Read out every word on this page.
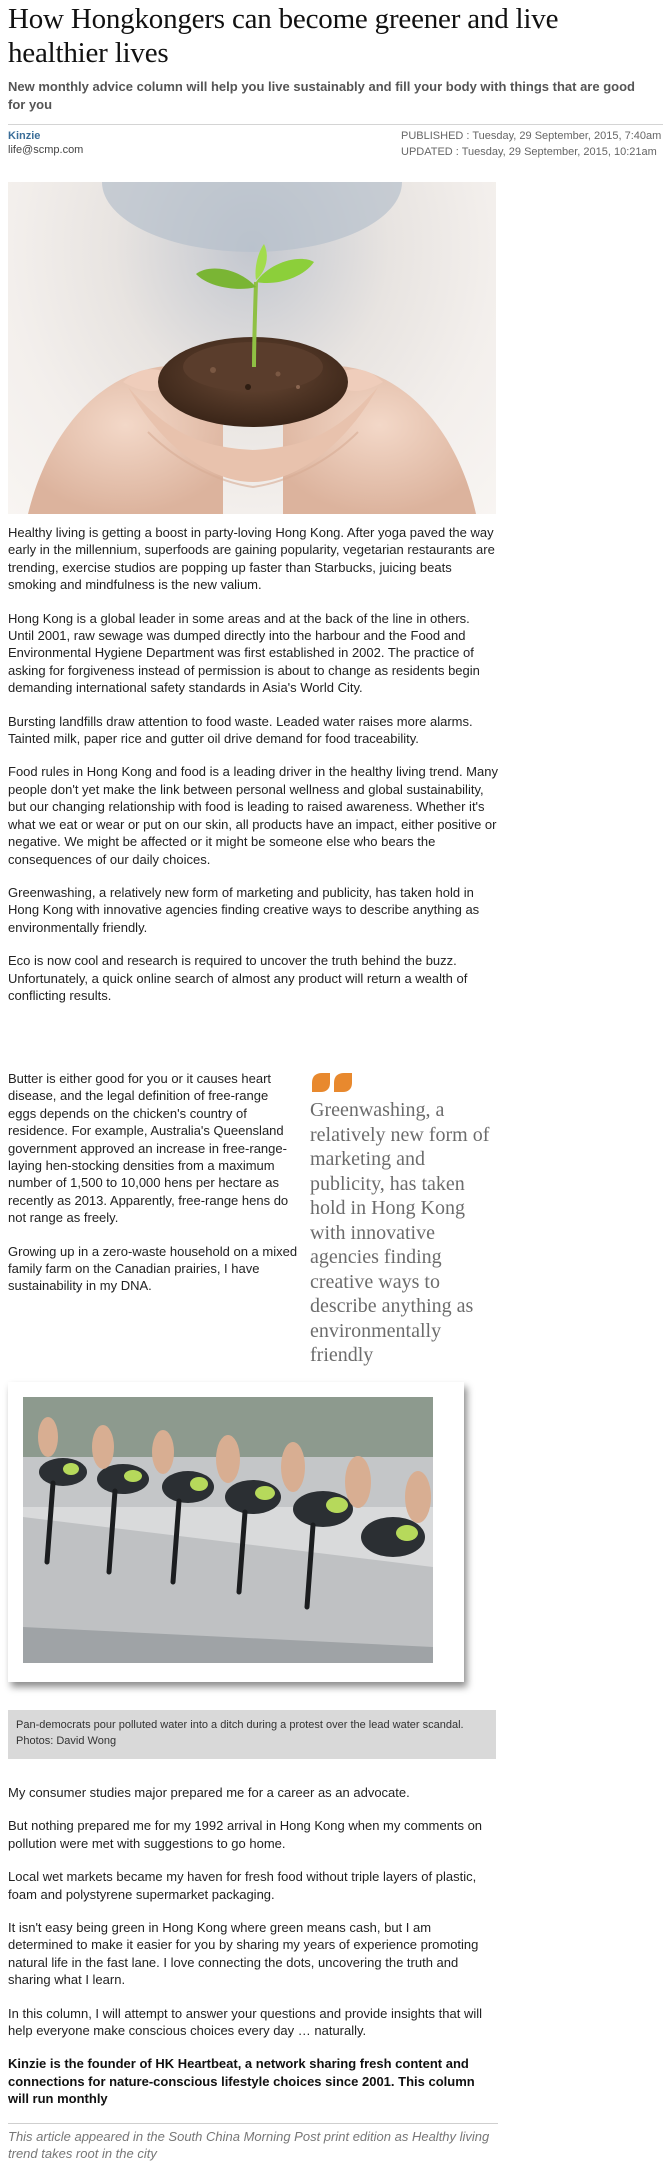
How Hongkongers can become greener and live healthier lives
New monthly advice column will help you live sustainably and fill your body with things that are good for you
Kinzie
life@scmp.com
PUBLISHED : Tuesday, 29 September, 2015, 7:40am
UPDATED : Tuesday, 29 September, 2015, 10:21am

Healthy living is getting a boost in party-loving Hong Kong. After yoga paved the way early in the millennium, superfoods are gaining popularity, vegetarian restaurants are trending, exercise studios are popping up faster than Starbucks, juicing beats smoking and mindfulness is the new valium.

Hong Kong is a global leader in some areas and at the back of the line in others. Until 2001, raw sewage was dumped directly into the harbour and the Food and Environmental Hygiene Department was first established in 2002. The practice of asking for forgiveness instead of permission is about to change as residents begin demanding international safety standards in Asia's World City.

Bursting landfills draw attention to food waste. Leaded water raises more alarms. Tainted milk, paper rice and gutter oil drive demand for food traceability.

Food rules in Hong Kong and food is a leading driver in the healthy living trend. Many people don't yet make the link between personal wellness and global sustainability, but our changing relationship with food is leading to raised awareness. Whether it's what we eat or wear or put on our skin, all products have an impact, either positive or negative. We might be affected or it might be someone else who bears the consequences of our daily choices.

Greenwashing, a relatively new form of marketing and publicity, has taken hold in Hong Kong with innovative agencies finding creative ways to describe anything as environmentally friendly.

Eco is now cool and research is required to uncover the truth behind the buzz. Unfortunately, a quick online search of almost any product will return a wealth of conflicting results.

Butter is either good for you or it causes heart disease, and the legal definition of free-range eggs depends on the chicken's country of residence. For example, Australia's Queensland government approved an increase in free-range-laying hen-stocking densities from a maximum number of 1,500 to 10,000 hens per hectare as recently as 2013. Apparently, free-range hens do not range as freely.

Growing up in a zero-waste household on a mixed family farm on the Canadian prairies, I have sustainability in my DNA.

Greenwashing, a relatively new form of marketing and publicity, has taken hold in Hong Kong with innovative agencies finding creative ways to describe anything as environmentally friendly
Pan-democrats pour polluted water into a ditch during a protest over the lead water scandal. Photos: David Wong

My consumer studies major prepared me for a career as an advocate.

But nothing prepared me for my 1992 arrival in Hong Kong when my comments on pollution were met with suggestions to go home.

Local wet markets became my haven for fresh food without triple layers of plastic, foam and polystyrene supermarket packaging.

It isn't easy being green in Hong Kong where green means cash, but I am determined to make it easier for you by sharing my years of experience promoting natural life in the fast lane. I love connecting the dots, uncovering the truth and sharing what I learn.

In this column, I will attempt to answer your questions and provide insights that will help everyone make conscious choices every day … naturally.

Kinzie is the founder of HK Heartbeat, a network sharing fresh content and connections for nature-conscious lifestyle choices since 2001. This column will run monthly

This article appeared in the South China Morning Post print edition as Healthy living trend takes root in the city
